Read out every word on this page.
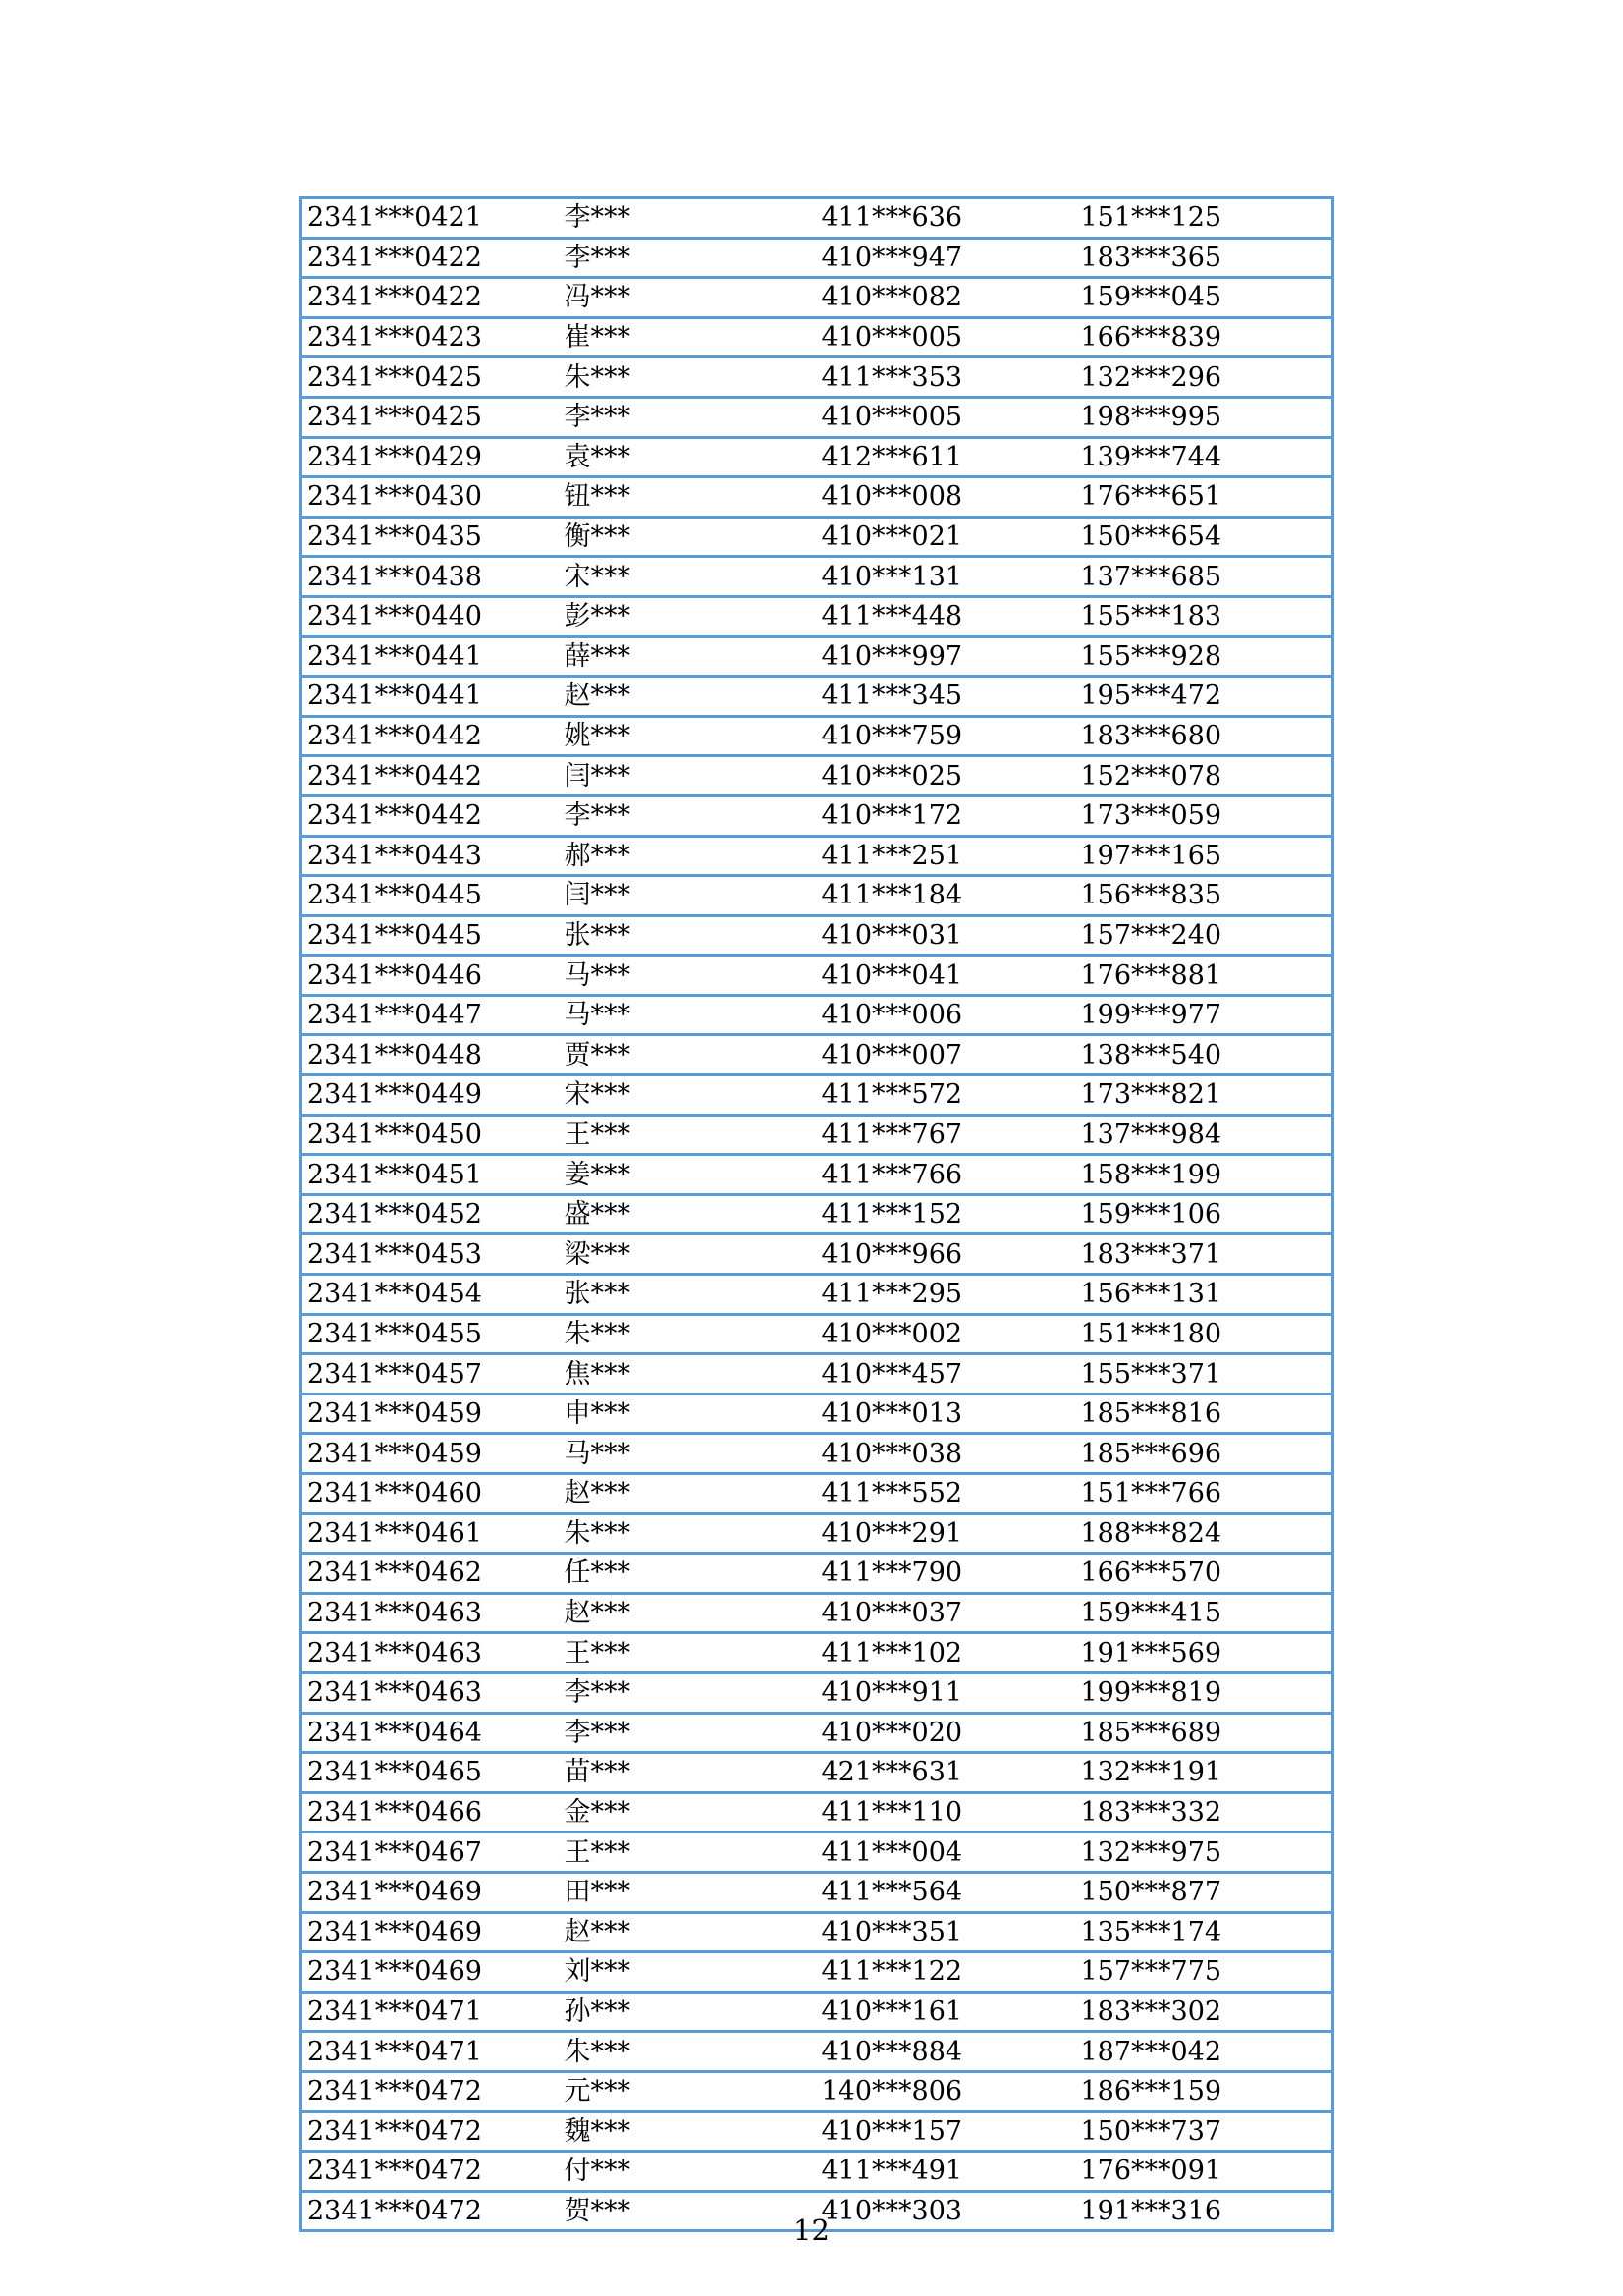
2341***0421	李***	411***636	151***125
2341***0422	李***	410***947	183***365
2341***0422	冯***	410***082	159***045
2341***0423	崔***	410***005	166***839
2341***0425	朱***	411***353	132***296
2341***0425	李***	410***005	198***995
2341***0429	袁***	412***611	139***744
2341***0430	钮***	410***008	176***651
2341***0435	衡***	410***021	150***654
2341***0438	宋***	410***131	137***685
2341***0440	彭***	411***448	155***183
2341***0441	薛***	410***997	155***928
2341***0441	赵***	411***345	195***472
2341***0442	姚***	410***759	183***680
2341***0442	闫***	410***025	152***078
2341***0442	李***	410***172	173***059
2341***0443	郝***	411***251	197***165
2341***0445	闫***	411***184	156***835
2341***0445	张***	410***031	157***240
2341***0446	马***	410***041	176***881
2341***0447	马***	410***006	199***977
2341***0448	贾***	410***007	138***540
2341***0449	宋***	411***572	173***821
2341***0450	王***	411***767	137***984
2341***0451	姜***	411***766	158***199
2341***0452	盛***	411***152	159***106
2341***0453	梁***	410***966	183***371
2341***0454	张***	411***295	156***131
2341***0455	朱***	410***002	151***180
2341***0457	焦***	410***457	155***371
2341***0459	申***	410***013	185***816
2341***0459	马***	410***038	185***696
2341***0460	赵***	411***552	151***766
2341***0461	朱***	410***291	188***824
2341***0462	任***	411***790	166***570
2341***0463	赵***	410***037	159***415
2341***0463	王***	411***102	191***569
2341***0463	李***	410***911	199***819
2341***0464	李***	410***020	185***689
2341***0465	苗***	421***631	132***191
2341***0466	金***	411***110	183***332
2341***0467	王***	411***004	132***975
2341***0469	田***	411***564	150***877
2341***0469	赵***	410***351	135***174
2341***0469	刘***	411***122	157***775
2341***0471	孙***	410***161	183***302
2341***0471	朱***	410***884	187***042
2341***0472	元***	140***806	186***159
2341***0472	魏***	410***157	150***737
2341***0472	付***	411***491	176***091
2341***0472	贺***	410***303	191***316
12
